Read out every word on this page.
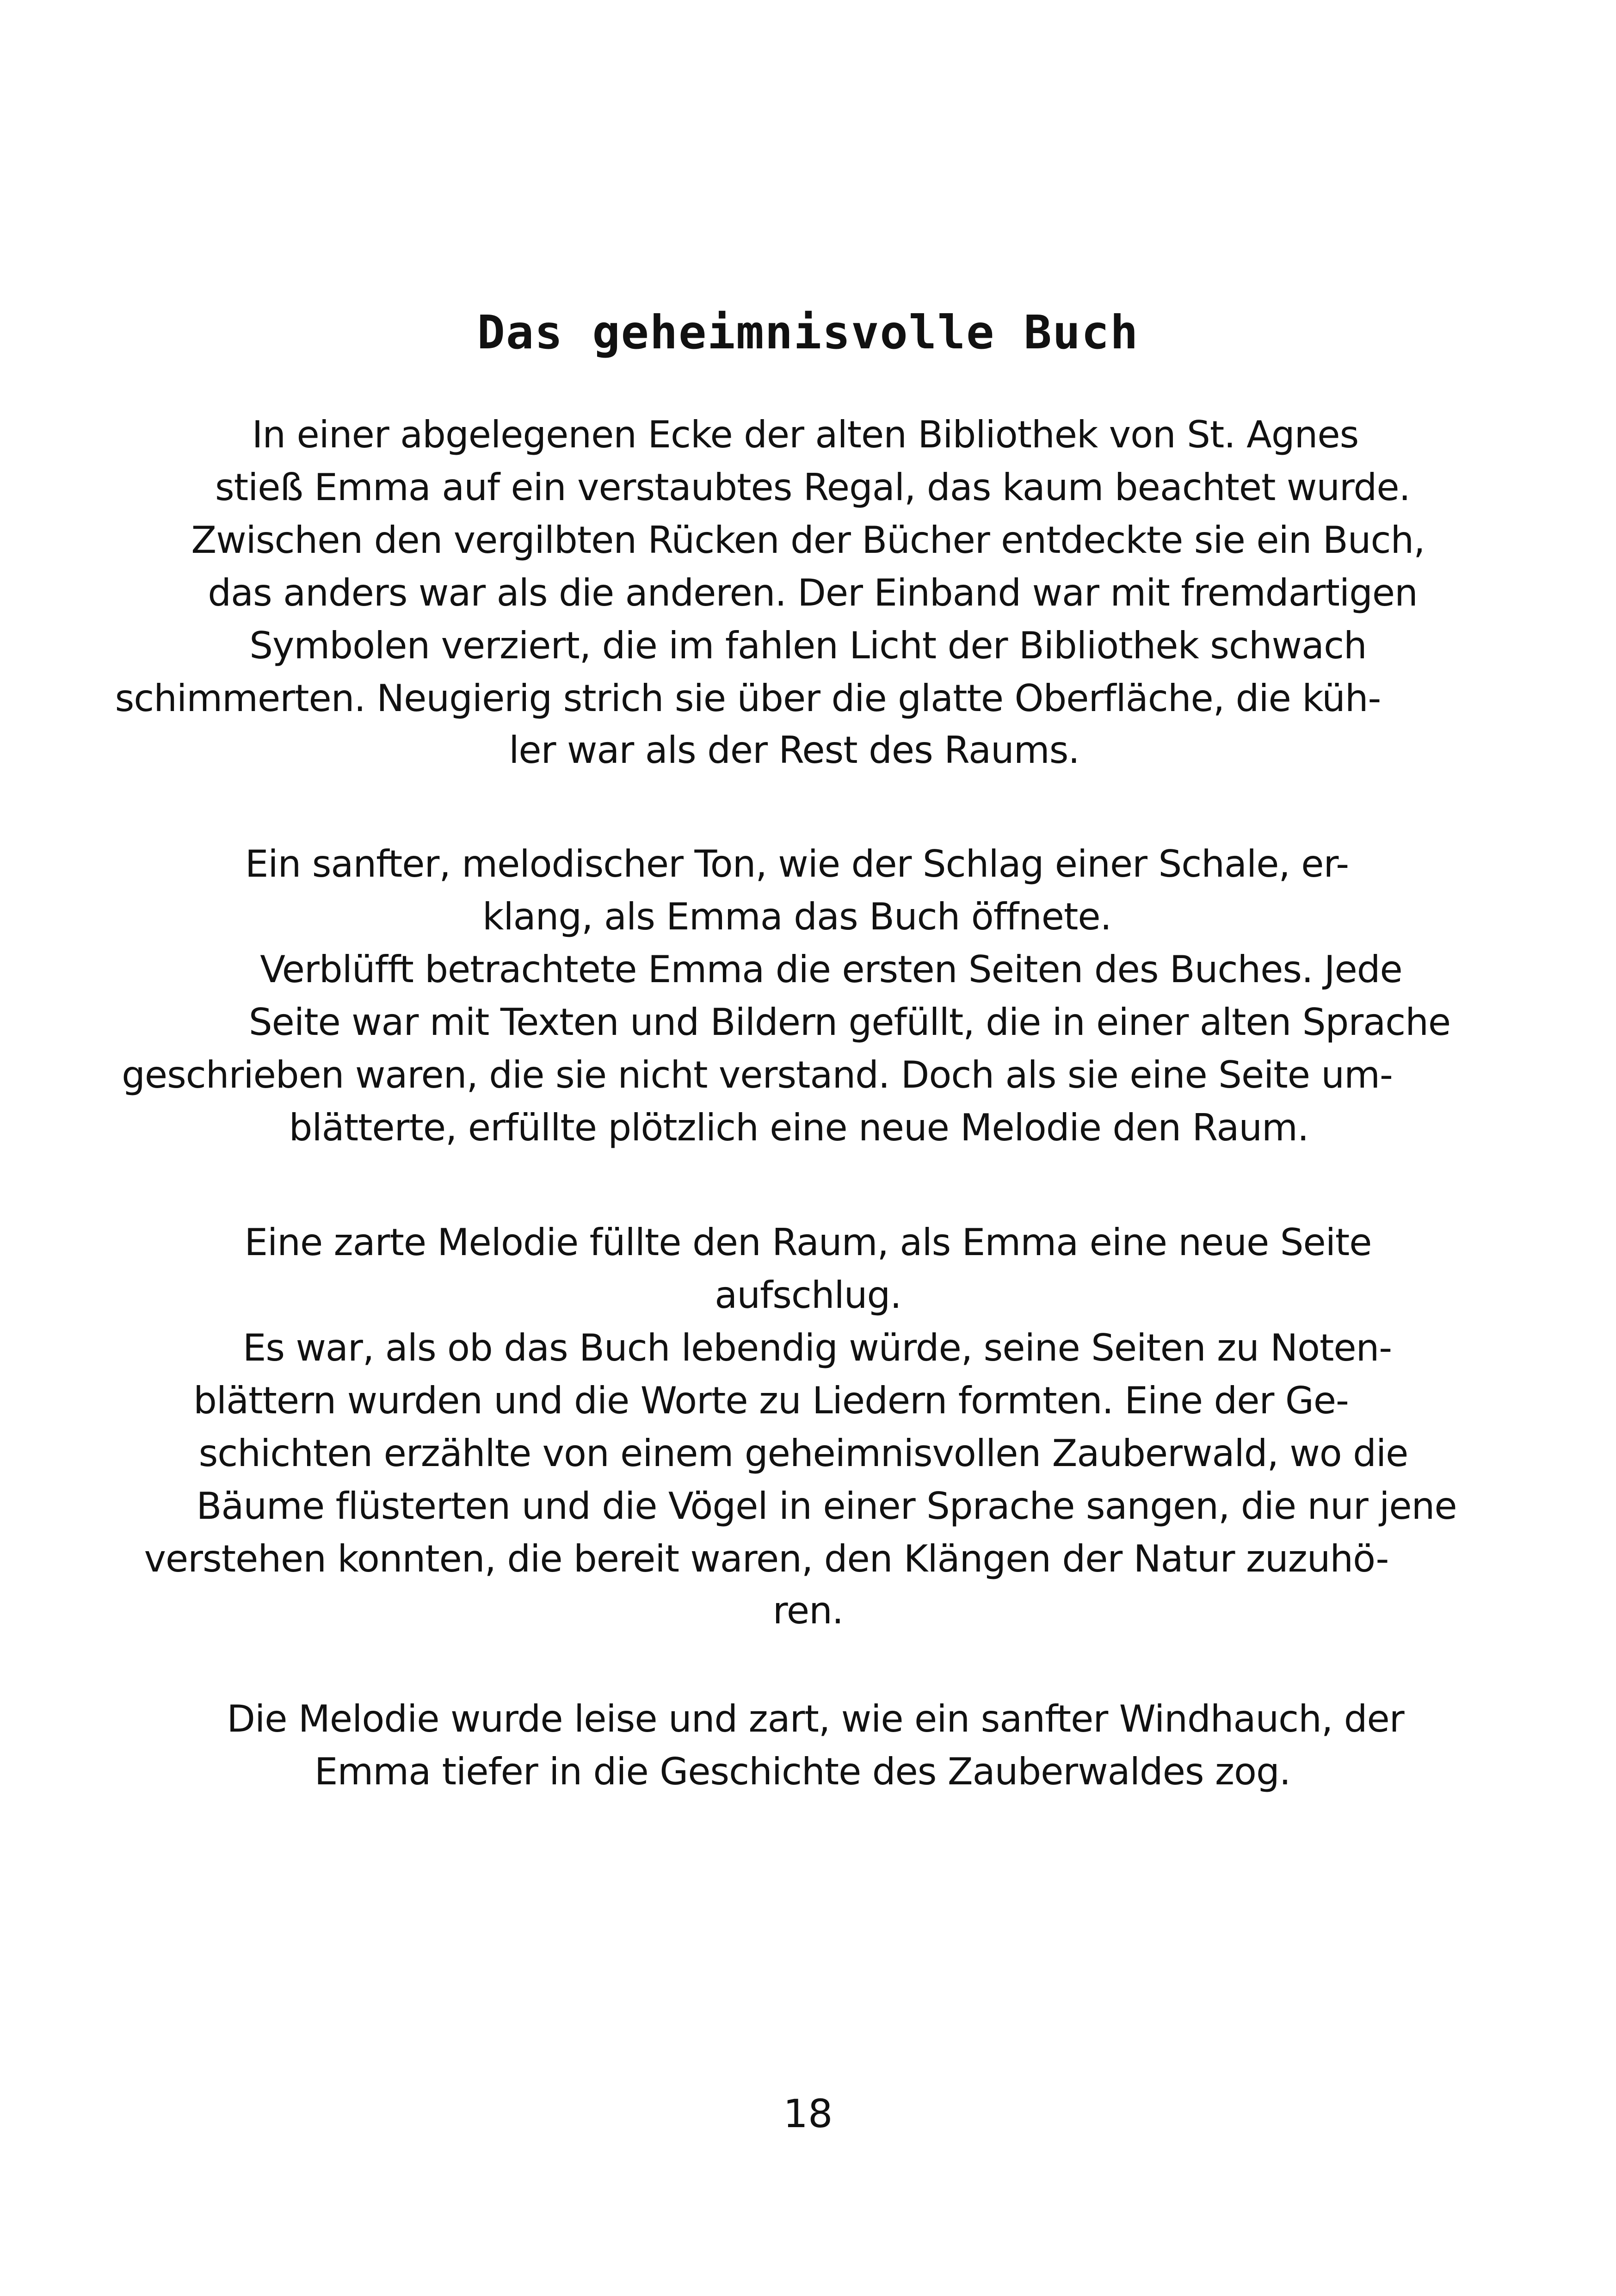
Das geheimnisvolle Buch
In einer abgelegenen Ecke der alten Bibliothek von St. Agnes
stieß Emma auf ein verstaubtes Regal, das kaum beachtet wurde.
Zwischen den vergilbten Rücken der Bücher entdeckte sie ein Buch,
das anders war als die anderen. Der Einband war mit fremdartigen
Symbolen verziert, die im fahlen Licht der Bibliothek schwach
schimmerten. Neugierig strich sie über die glatte Oberfläche, die küh-
ler war als der Rest des Raums.
Ein sanfter, melodischer Ton, wie der Schlag einer Schale, er-
klang, als Emma das Buch öffnete.
Verblüfft betrachtete Emma die ersten Seiten des Buches. Jede
Seite war mit Texten und Bildern gefüllt, die in einer alten Sprache
geschrieben waren, die sie nicht verstand. Doch als sie eine Seite um-
blätterte, erfüllte plötzlich eine neue Melodie den Raum.
Eine zarte Melodie füllte den Raum, als Emma eine neue Seite
aufschlug.
Es war, als ob das Buch lebendig würde, seine Seiten zu Noten-
blättern wurden und die Worte zu Liedern formten. Eine der Ge-
schichten erzählte von einem geheimnisvollen Zauberwald, wo die
Bäume flüsterten und die Vögel in einer Sprache sangen, die nur jene
verstehen konnten, die bereit waren, den Klängen der Natur zuzuhö-
ren.
Die Melodie wurde leise und zart, wie ein sanfter Windhauch, der
Emma tiefer in die Geschichte des Zauberwaldes zog.
18
